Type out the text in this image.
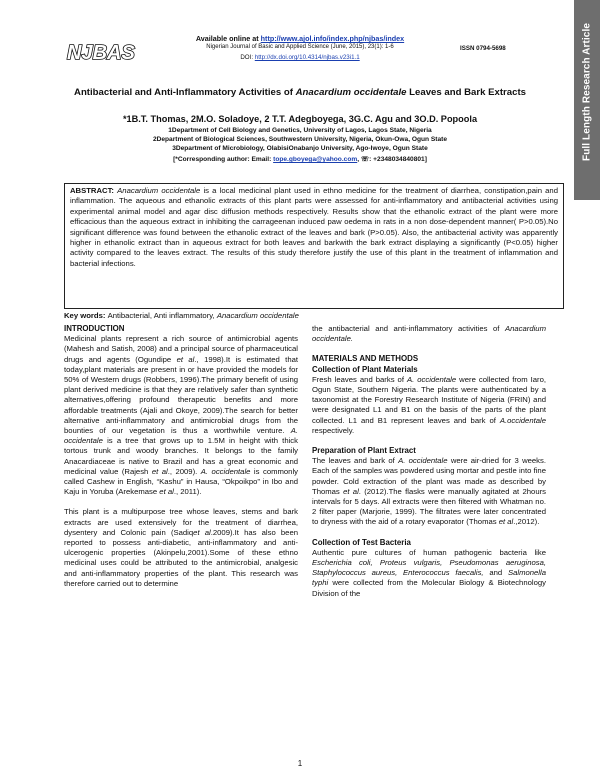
NJBAS
Available online at http://www.ajol.info/index.php/njbas/index
Nigerian Journal of Basic and Applied Science (June, 2015), 23(1): 1-6
DOI: http://dx.doi.org/10.4314/njbas.v23i1.1
ISSN 0794-5698	Full Length Research Article
Antibacterial and Anti-Inflammatory Activities of Anacardium occidentale Leaves and Bark Extracts
*1B.T. Thomas, 2M.O. Soladoye, 2 T.T. Adegboyega, 3G.C. Agu and 3O.D. Popoola
1Department of Cell Biology and Genetics, University of Lagos, Lagos State, Nigeria
2Department of Biological Sciences, Southwestern University, Nigeria, Okun-Owa, Ogun State
3Department of Microbiology, OlabisiOnabanjo University, Ago-Iwoye, Ogun State
[*Corresponding author: Email: tope.gboyega@yahoo.com, ☏: +2348034840801]
ABSTRACT: Anacardium occidentale is a local medicinal plant used in ethno medicine for the treatment of diarrhea, constipation,pain and inflammation. The aqueous and ethanolic extracts of this plant parts were assessed for anti-inflammatory and antibacterial activities using experimental animal model and agar disc diffusion methods respectively. Results show that the ethanolic extract of the plant were more efficacious than the aqueous extract in inhibiting the carrageenan induced paw oedema in rats in a non dose-dependent manner( P>0.05).No significant difference was found between the ethanolic extract of the leaves and bark (P>0.05). Also, the antibacterial activity was apparently higher in ethanolic extract than in aqueous extract for both leaves and barkwith the bark extract displaying a significantly (P<0.05) higher activity compared to the leaves extract. The results of this study therefore justify the use of this plant in the treatment of inflammation and bacterial infections.
Key words: Antibacterial, Anti inflammatory, Anacardium occidentale
INTRODUCTION

Medicinal plants represent a rich source of antimicrobial agents (Mahesh and Satish, 2008) and a principal source of pharmaceutical drugs and agents (Ogundipe et al., 1998).It is estimated that today,plant materials are present in or have provided the models for 50% of Western drugs (Robbers, 1996).The primary benefit of using plant derived medicine is that they are relatively safer than synthetic alternatives,offering profound therapeutic benefits and more affordable treatments (Ajali and Okoye, 2009).The search for better alternative anti-inflammatory and antimicrobial drugs from the bounties of our vegetation is thus a worthwhile venture. A. occidentale is a tree that grows up to 1.5M in height with thick tortous trunk and woody branches. It belongs to the family Anacardiaceae is native to Brazil and has a great economic and medicinal value (Rajesh et al., 2009). A. occidentale is commonly called Cashew in English, “Kashu” in Hausa, “Okpoikpo” in Ibo and Kaju in Yoruba (Arekemase et al., 2011).

This plant is a multipurpose tree whose leaves, stems and bark extracts are used extensively for the treatment of diarrhea, dysentery and Colonic pain (Sadiqet al.2009).It has also been reported to possess anti-diabetic, anti-inflammatory and anti-ulcerogenic properties (Akinpelu,2001).Some of these ethno medicinal uses could be attributed to the antimicrobial, analgesic and anti-inflammatory properties of the plant. This research was therefore carried out to determine

the antibacterial and anti-inflammatory activities of Anacardium occidentale.

MATERIALS AND METHODS
Collection of Plant Materials

Fresh leaves and barks of A. occidentale were collected from Iaro, Ogun State, Southern Nigeria. The plants were authenticated by a taxonomist at the Forestry Research Institute of Nigeria (FRIN) and were designated L1 and B1 on the basis of the parts of the plant collected. L1 and B1 represent leaves and bark of A.occidentale respectively.

Preparation of Plant Extract

The leaves and bark of A. occidentale were air-dried for 3 weeks. Each of the samples was powdered using mortar and pestle into fine powder. Cold extraction of the plant was made as described by Thomas et al. (2012).The flasks were manually agitated at 2hours intervals for 5 days. All extracts were then filtered with Whatman no. 2 filter paper (Marjorie, 1999). The filtrates were later concentrated to dryness with the aid of a rotary evaporator (Thomas et al.,2012).

Collection of Test Bacteria

Authentic pure cultures of human pathogenic bacteria like Escherichia coli, Proteus vulgaris, Pseudomonas aeruginosa, Staphylococcus aureus, Enterococcus faecalis, and Salmonella typhi were collected from the Molecular Biology & Biotechnology Division of the

1
